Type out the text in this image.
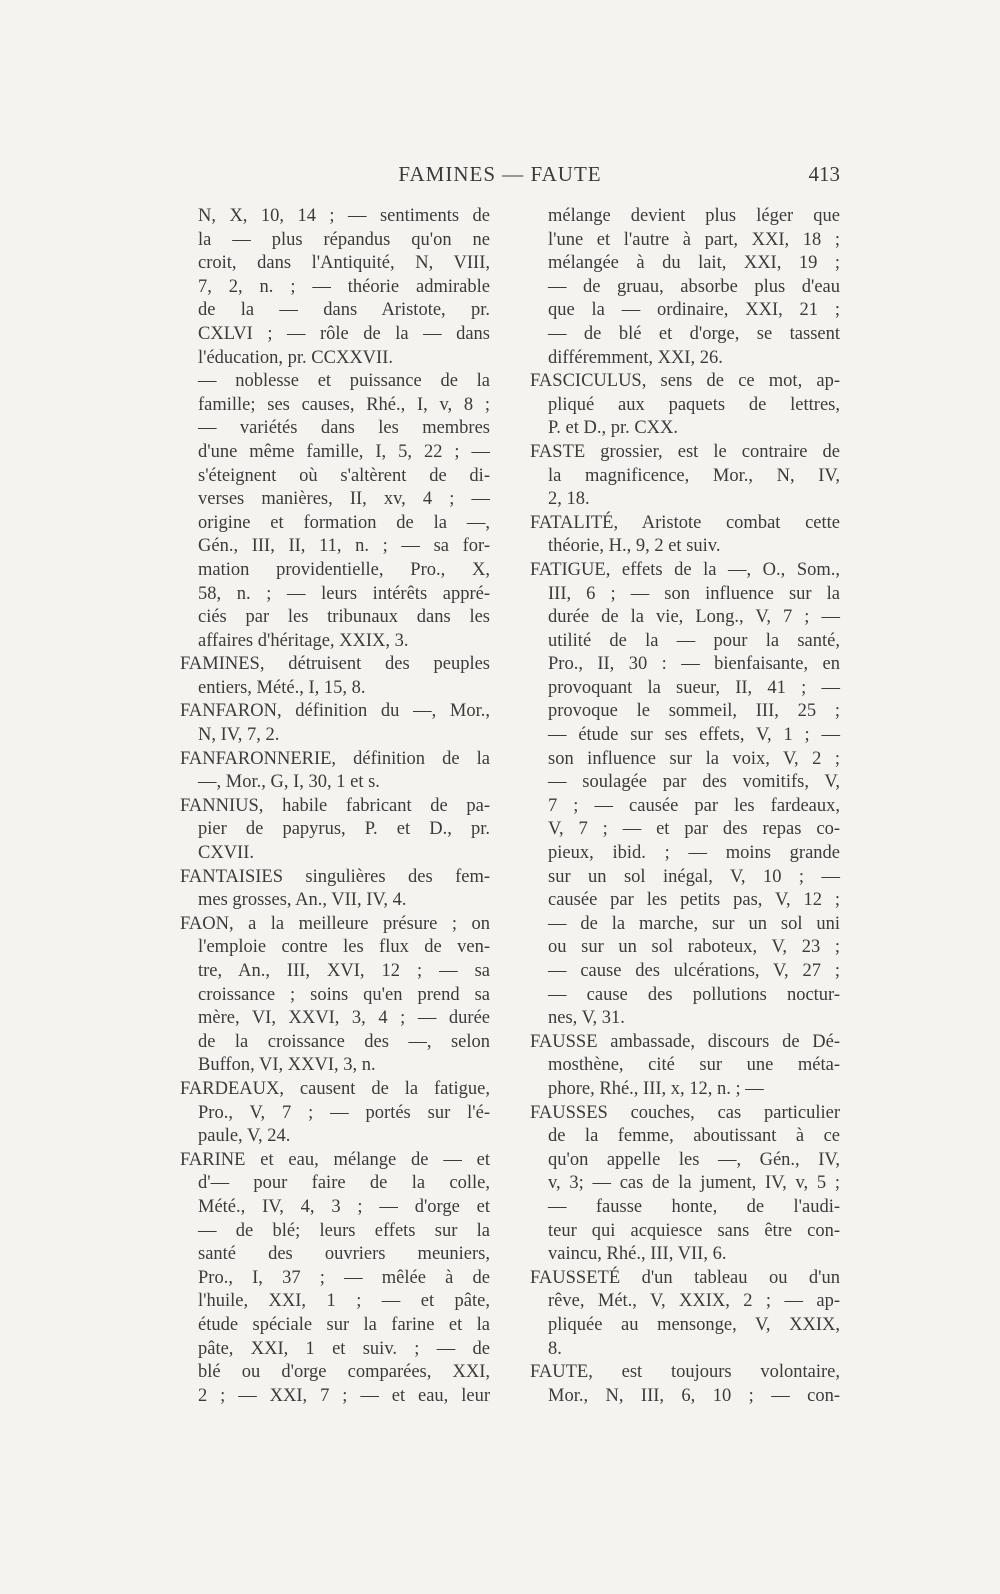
FAMINES — FAUTE	413
N, X, 10, 14 ; — sentiments de
la — plus répandus qu'on ne
croit, dans l'Antiquité, N, VIII,
7, 2, n. ; — théorie admirable
de la — dans Aristote, pr.
CXLVI ; — rôle de la — dans
l'éducation, pr. CCXXVII.
— noblesse et puissance de la
famille; ses causes, Rhé., I, v, 8 ;
— variétés dans les membres
d'une même famille, I, 5, 22 ; —
s'éteignent où s'altèrent de di-
verses manières, II, xv, 4 ; —
origine et formation de la —,
Gén., III, II, 11, n. ; — sa for-
mation providentielle, Pro., X,
58, n. ; — leurs intérêts appré-
ciés par les tribunaux dans les
affaires d'héritage, XXIX, 3.
FAMINES, détruisent des peuples
entiers, Mété., I, 15, 8.
FANFARON, définition du —, Mor.,
N, IV, 7, 2.
FANFARONNERIE, définition de la
—, Mor., G, I, 30, 1 et s.
FANNIUS, habile fabricant de pa-
pier de papyrus, P. et D., pr.
CXVII.
FANTAISIES singulières des fem-
mes grosses, An., VII, IV, 4.
FAON, a la meilleure présure ; on
l'emploie contre les flux de ven-
tre, An., III, XVI, 12 ; — sa
croissance ; soins qu'en prend sa
mère, VI, XXVI, 3, 4 ; — durée
de la croissance des —, selon
Buffon, VI, XXVI, 3, n.
FARDEAUX, causent de la fatigue,
Pro., V, 7 ; — portés sur l'é-
paule, V, 24.
FARINE et eau, mélange de — et
d'— pour faire de la colle,
Mété., IV, 4, 3 ; — d'orge et
— de blé; leurs effets sur la
santé des ouvriers meuniers,
Pro., I, 37 ; — mêlée à de
l'huile, XXI, 1 ; — et pâte,
étude spéciale sur la farine et la
pâte, XXI, 1 et suiv. ; — de
blé ou d'orge comparées, XXI,
2 ; — XXI, 7 ; — et eau, leur
mélange devient plus léger que
l'une et l'autre à part, XXI, 18 ;
mélangée à du lait, XXI, 19 ;
— de gruau, absorbe plus d'eau
que la — ordinaire, XXI, 21 ;
— de blé et d'orge, se tassent
différemment, XXI, 26.
FASCICULUS, sens de ce mot, ap-
pliqué aux paquets de lettres,
P. et D., pr. CXX.
FASTE grossier, est le contraire de
la magnificence, Mor., N, IV,
2, 18.
FATALITÉ, Aristote combat cette
théorie, H., 9, 2 et suiv.
FATIGUE, effets de la —, O., Som.,
III, 6 ; — son influence sur la
durée de la vie, Long., V, 7 ; —
utilité de la — pour la santé,
Pro., II, 30 : — bienfaisante, en
provoquant la sueur, II, 41 ; —
provoque le sommeil, III, 25 ;
— étude sur ses effets, V, 1 ; —
son influence sur la voix, V, 2 ;
— soulagée par des vomitifs, V,
7 ; — causée par les fardeaux,
V, 7 ; — et par des repas co-
pieux, ibid. ; — moins grande
sur un sol inégal, V, 10 ; —
causée par les petits pas, V, 12 ;
— de la marche, sur un sol uni
ou sur un sol raboteux, V, 23 ;
— cause des ulcérations, V, 27 ;
— cause des pollutions noctur-
nes, V, 31.
FAUSSE ambassade, discours de Dé-
mosthène, cité sur une méta-
phore, Rhé., III, x, 12, n. ; —
FAUSSES couches, cas particulier
de la femme, aboutissant à ce
qu'on appelle les —, Gén., IV,
v, 3; — cas de la jument, IV, v, 5 ;
— fausse honte, de l'audi-
teur qui acquiesce sans être con-
vaincu, Rhé., III, VII, 6.
FAUSSETÉ d'un tableau ou d'un
rêve, Mét., V, XXIX, 2 ; — ap-
pliquée au mensonge, V, XXIX,
8.
FAUTE, est toujours volontaire,
Mor., N, III, 6, 10 ; — con-
